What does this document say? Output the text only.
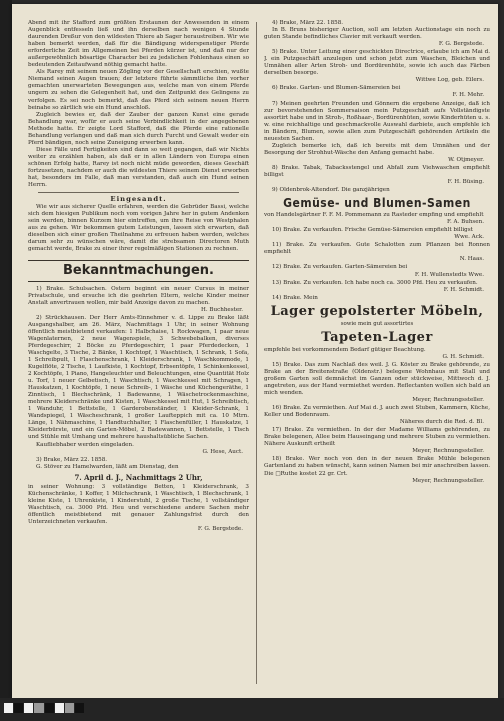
Abend mit ihr Stafford zum größten Erstaunen der Anwesenden in einem Augenblick entfesseln ließ und ihn derselben nach wenigen 4 Stunde daurenden Dreßur von den wildesten Thiere ab Sager heraustreiben. Wir wie haben bemerkt werden, daß für die Bändigung widerspenstiger Pferde erforderliche Zeit im Allgemeinen bei Pferden kürzer ist, und daß nur der außergewöhnlich bösartige Character bei zu jedslichen Fohlenhaus einen so bedeutenden Zeitaufwand nöthig gemacht hatte.

Als Rarey mit seinem neuen Zögling vor der Gesellschaft erschien, wußte Niemand seinen Augen trauen; der letztere führte sämmtliche ihm vorher gemachten unerwarteten Bewegungen aus, welche man von einem Pferde ungern zu sehen die Gelegenheit hat, und den Zeitpunkt des Gelingens zu verfolgen. Es sei noch bemerkt, daß das Pferd sich seinem neuen Herrn beinahe so zärtlich wie ein Hund anschloß.

Zugleich bewies er, daß der Zauber der ganzen Kunst eine gerade Behandlung war, wofür er auch seine Verbindlichkeit in der angegebenen Methode hatte. Er zeigte Lord Stafford, daß die Pferde eine rationelle Behandlung verlangen und daß man sich durch Furcht und Gewalt weder ein Pferd bändigen, noch seine Zuneigung erwerben kann.

Diese Fälle und Fertigkeiten sind dann so weit gegangen, daß wir Nichts weiter zu erzählen haben, als daß er in allen Ländern von Europa einen schönen Erfolg hatte, Rarey ist noch nicht müde geworden, dieses Geschäft fortzusetzen, nachdem er auch die wildesten Thiere seinem Dienst erworben hat, besonders im Falle, daß man verstanden, daß auch ein Hund seinen Herrn.

Eingesandt.

Wie wir aus sicherer Quelle erfahren, werden die Gebrüder Bassi, welche sich dem hiesigen Publikum noch vom vorigen Jahre her in gutem Andenken sein werden, binnen Kurzem hier eintreffen, um ihre Reise von Westphalen aus zu gehen. Wir bekommen gutem Leistungen, lassen sich erwarten, daß dieselben sich einer großen Theilnahme zu erfreuen haben werden, welches darum sehr zu wünschen wäre, damit die strebsamen Directoren Muth gemacht werde, Brake zu einer ihrer regelmäßigen Stationen zu rechnen.

Bekanntmachungen.

1) Brake. Schulsachen. Ostern beginnt ein neuer Cursus in meiner Privatschule, und ersuche ich die geehrten Eltern, welche Kinder meiner Anstalt anvertrauen wollen, mir bald Anzeige davon zu machen.

H. Buchhester.

2) Strückhausen. Der Herr Amts-Einnehmer v. d. Lippe zu Brake läßt Ausgangshalber, am 26. März, Nachmittags 1 Uhr, in seiner Wohnung öffentlich meistbietend verkaufen: 1 Halbchaise, 1 Rockwagen, 1 paar neue Wagenlaternen, 2 neue Wagenspiele, 3 Schwebebalken, diverses Pferdegeschirr, 2 Böcke zu Pferdegeschirr, 1 paar Pferdedecken, 1 Waschgelte, 3 Tische, 2 Bänke, 1 Kochtopf, 1 Waschtisch, 1 Schrank, 1 Sofa, 1 Schreibpult, 1 Flaschenschrank, 1 Kleiderschrank, 1 Waschkommode, 1 Kugelflöte, 2 Tische, 1 Laufkiste, 1 Kochtopf, Erbsentöpfe, 1 Schinkenkessel, 2 Kochtöpfe, 1 Piano, Hangeleuchter und Beleuchtungen, eine Quantität Holz u. Torf, 1 neuer Gelbetisch, 1 Waschtisch, 1 Waschkessel mit Schragen, 1 Hauskatzen, 1 Kochtöpfe, 1 neue Schreib-, 1 Wäsche und Küchengeräthe, 1 Zinntisch, 1 Blechschränk, 1 Badewanne, 1 Wäschetrockenmaschine, mehrere Kleiderschränke und Kisten, 1 Waschkessel mit Hut, 1 Schreibtisch, 1 Wanduhr, 1 Bettstelle, 1 Garderobenständer, 1 Kleider-Schrank, 1 Wandspiegel, 1 Wäscheschrank, 1 großer Laufteppich mit ca. 10 Mtrn. Länge, 1 Nähmaschine, 1 Handtuchhalter, 1 Flaschenfüller, 1 Hauskatze, 1 Kleiderbürste, und ein Garten-Möbel, 2 Badewannen, 1 Bettstelle, 1 Tisch und Stühle mit Umhang und mehrere haushaltsübliche Sachen.

Kaufliebhaber werden eingeladen.

G. Hese, Auct.

3) Brake, März 22. 1858.

G. Stöver zu Hamelwarden, läßt am Dienstag, den

7. April d. J., Nachmittags 2 Uhr,

in seiner Wohnung: 3 vollständige Betten, 1 Kleiderschrank, 3 Küchenschränke, 1 Koffer, 1 Milchschrank, 1 Waschtisch, 1 Blechschrank, 1 kleine Kiste, 1 Uhrenkiste, 1 Kinderstuhl, 2 große Tische, 1 vollständiger Waschtisch, ca. 3000 Pfd. Heu und verschiedene andere Sachen mehr öffentlich meistbietend mit genauer Zahlungsfrist durch den Unterzeichneten verkaufen.

F. G. Bergstede.

4) Brake, März 22. 1858.

In B. Bruns bisheriger Auction, soll am letzten Auctionstage ein noch zu guten Stande befindliches Clavier mit verkauft werden.

F. G. Bergstede.

5) Brake. Unter Leitung einer geschickten Directrice, erlaube ich am Mai d. J. ein Putzgeschäft anzulegen und schon jetzt zum Waschen, Bleichen und Umnähen aller Arten Stroh- und Bordürenhüte, sowie ich auch das Färben derselben besorge.

Wittwe Log, geb. Eilers.

6) Brake. Garten- und Blumen-Sämereien bei

F. H. Mehr.

7) Meinen geehrten Freunden und Gönnern die ergebene Anzeige, daß ich zur bevorstehenden Sommersaison mein Putzgeschäft aufs Vollständigste assortirt habe und in Stroh-, Roßhaar-, Bordürenhüten, sowie Kinderhüten u. s. w. eine reichhaltige und geschmackvolle Auswahl darbiete, auch empfehle ich in Bändern, Blumen, sowie allen zum Putzgeschäft gehörenden Artikeln die neuesten Sachen.

Zugleich bemerke ich, daß ich bereits mit dem Umnähen und der Besorgung der Strohhut-Wäsche den Anfang gemacht habe.

W. Otjmeyer.

8) Brake. Tabak, Tabacksstengel und Abfall zum Viehwaschen empfiehlt billigst

F. H. Büsing.

9) Oldenbrok-Altendorf. Die ganzjährigen

Gemüse- und Blumen-Samen

von Handelsgärtner F. F. M. Pommemann zu Rasteder empfing und empfiehlt

F. A. Buhsen.

10) Brake. Zu verkaufen. Frische Gemüse-Sämereien empfiehlt billigst

Wwe. Ack.

11) Brake. Zu verkaufen. Gute Schalotten zum Pflanzen bei Ronnen empfiehlt

N. Haas.

12) Brake. Zu verkaufen. Garten-Sämereien bei

F. H. Wullenstedts Wwe.

13) Brake. Zu verkaufen. Ich habe noch ca. 3000 Pfd. Heu zu verkaufen.

F. H. Schmidt.

14) Brake. Mein

Lager gepolsterter Möbeln,

sowie mein gut assortirtes

Tapeten-Lager

empfehle bei vorkommendem Bedarf gütiger Beachtung.

G. H. Schmidt.

15) Brake. Das zum Nachlaß des weil. J. G. Köster zu Brake gehörende, zu Brake an der Breitenstraße (Oldenstr.) belegene Wohnhaus mit Stall und großem Garten soll demnächst im Ganzen oder stückweise, Mittwoch d. J. angetreten, aus der Hand vermiethet werden. Reflectanten wollen sich bald an mich wenden.

Meyer, Rechnungssteller.

16) Brake. Zu vermiethen. Auf Mai d. J. auch zwei Stuben, Kammern, Küche, Keller und Bodenraum.

Näheres durch die Red. d. Bl.

17) Brake. Zu vermiethen. In der der Madame Williams gehörenden, zu Brake belegenen, Allee beim Hauseingang und mehrere Stuben zu vermiethen. Nähere Auskunft ertheilt

Meyer, Rechnungssteller.

18) Brake. Wer noch von den in der neuen Brake Mühle belegenen Gartenland zu haben wünscht, kann seinen Namen bei mir anschreiben lassen. Die □Ruthe kostet 22 gr. Crt.

Meyer, Rechnungssteller.
